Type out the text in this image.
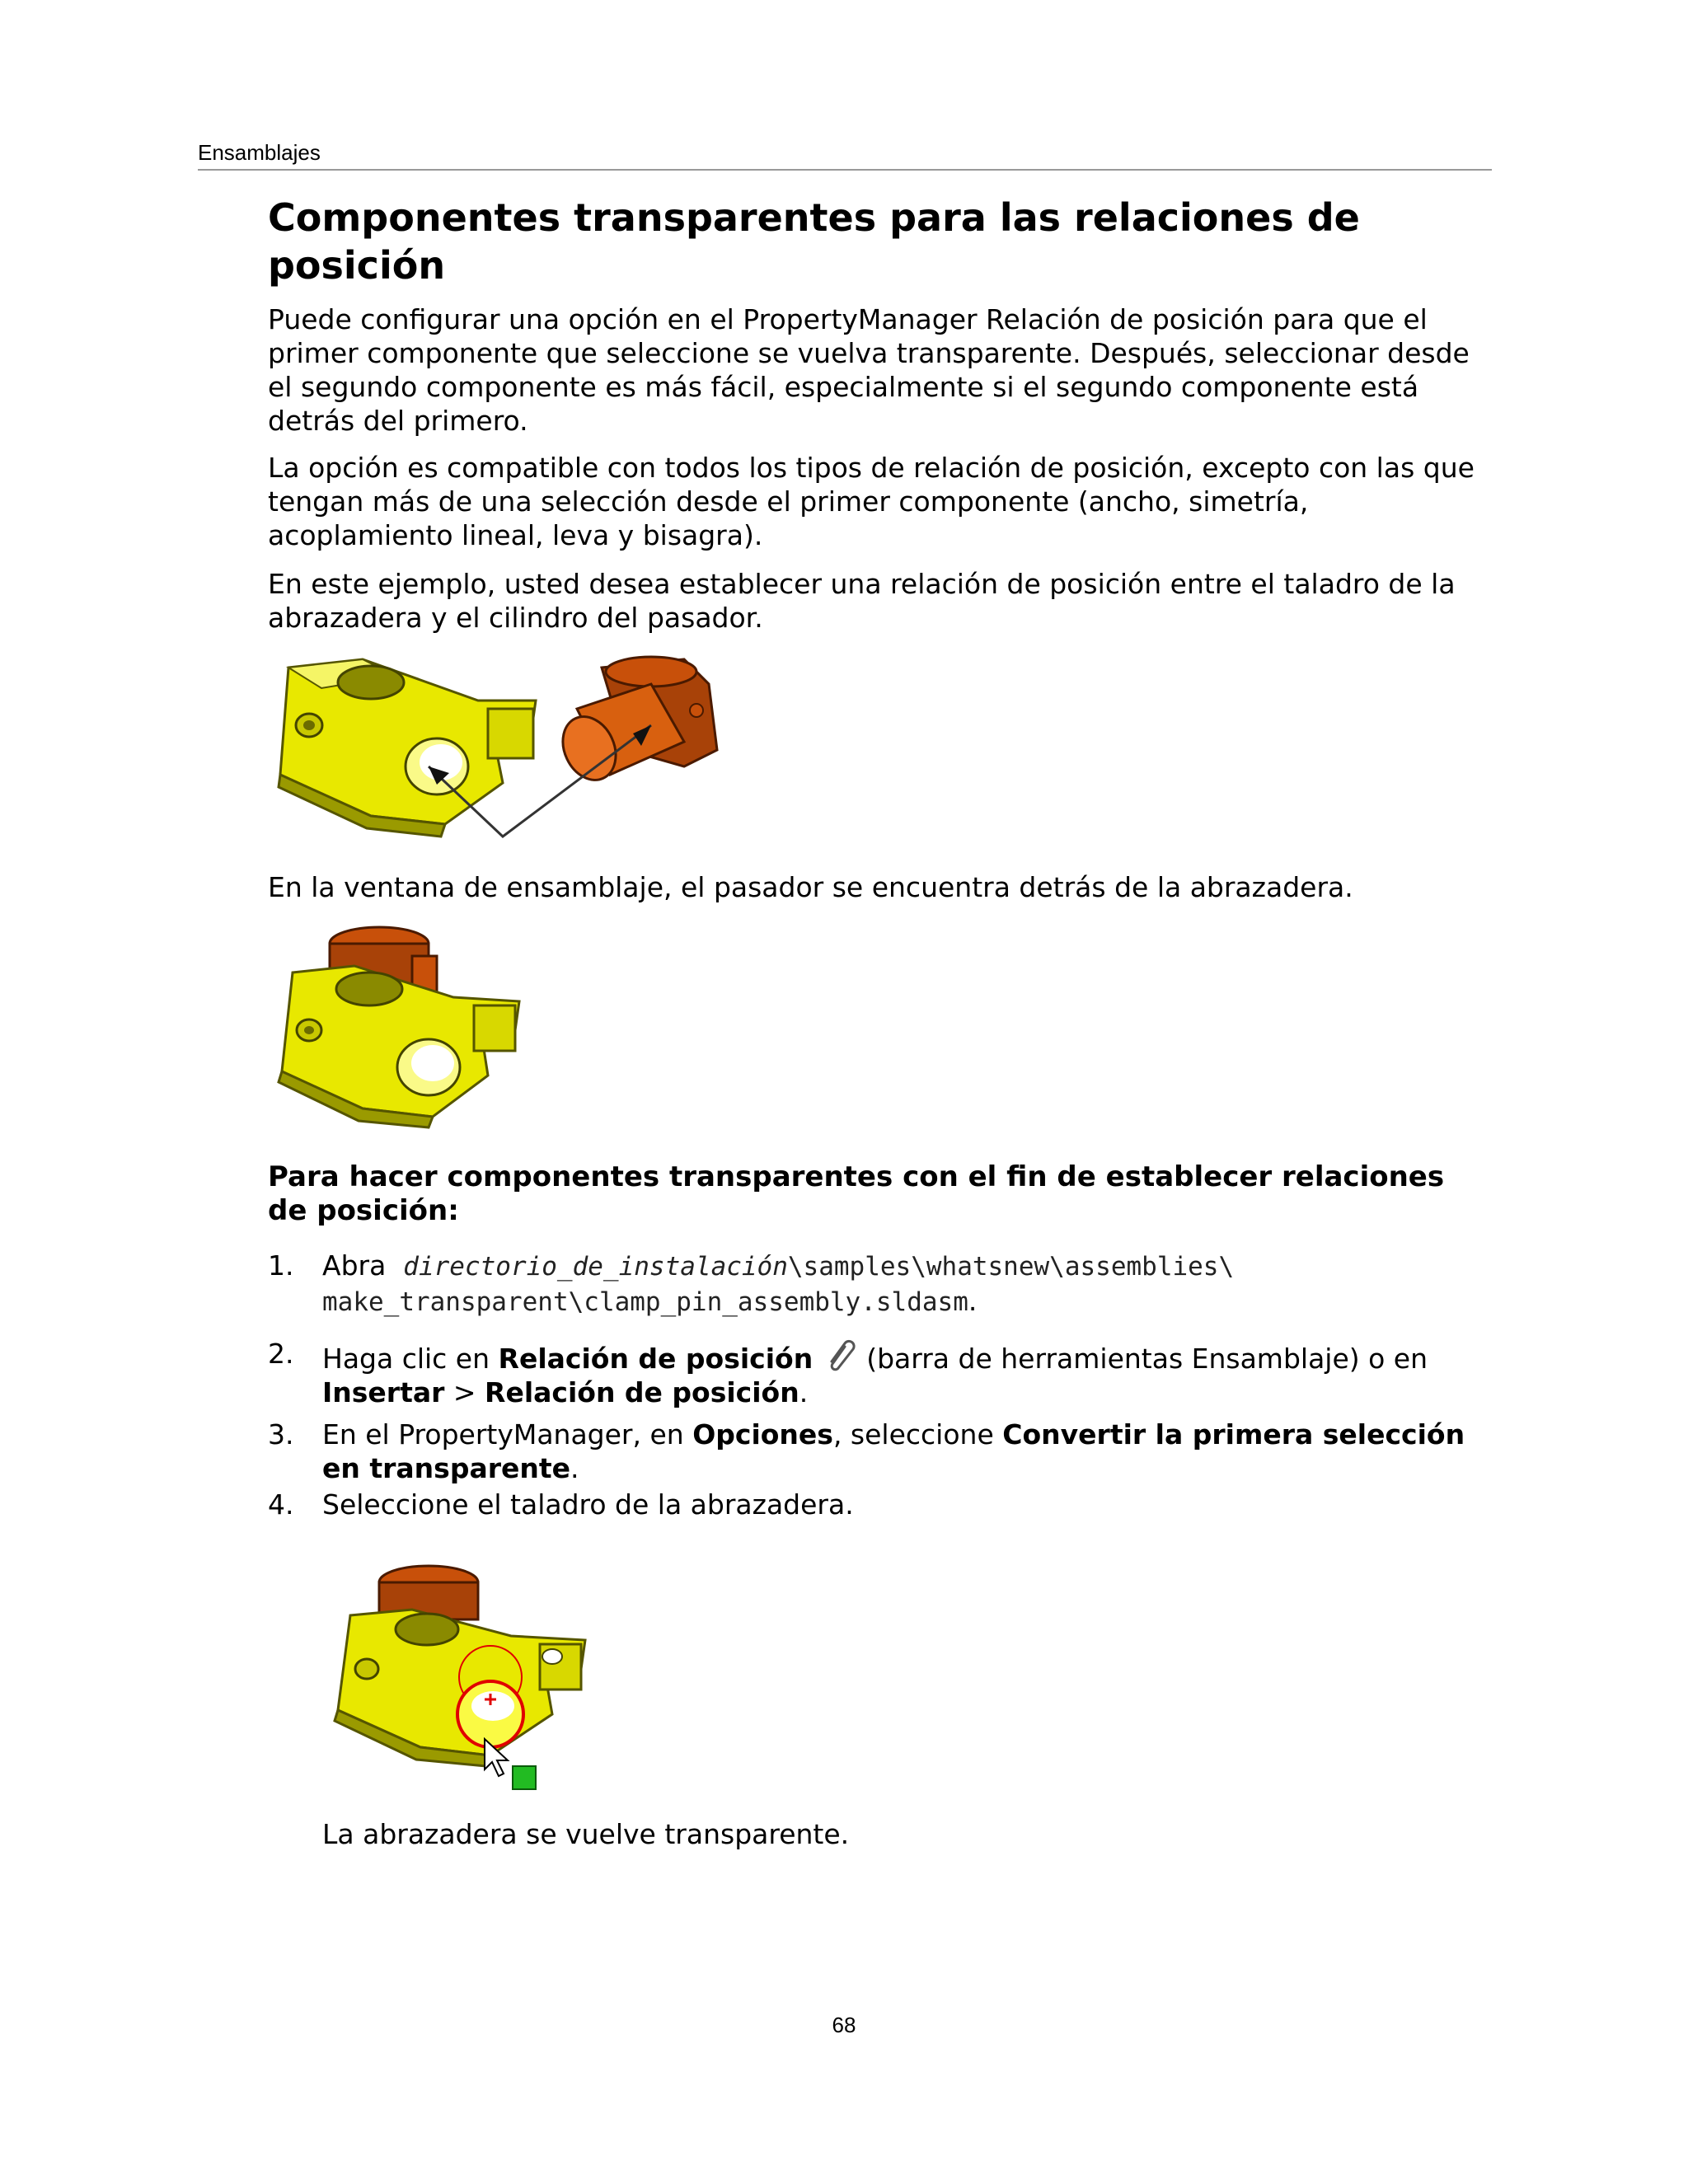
Ensamblajes
Componentes transparentes para las relaciones de posición

Puede configurar una opción en el PropertyManager Relación de posición para que el primer componente que seleccione se vuelva transparente. Después, seleccionar desde el segundo componente es más fácil, especialmente si el segundo componente está detrás del primero.

La opción es compatible con todos los tipos de relación de posición, excepto con las que tengan más de una selección desde el primer componente (ancho, simetría, acoplamiento lineal, leva y bisagra).

En este ejemplo, usted desea establecer una relación de posición entre el taladro de la abrazadera y el cilindro del pasador.

En la ventana de ensamblaje, el pasador se encuentra detrás de la abrazadera.

Para hacer componentes transparentes con el fin de establecer relaciones de posición:
1.	Abra directorio_de_instalación\samples\whatsnew\assemblies\
make_transparent\clamp_pin_assembly.sldasm.
2.	Haga clic en Relación de posición  (barra de herramientas Ensamblaje) o en Insertar > Relación de posición.
3.	En el PropertyManager, en Opciones, seleccione Convertir la primera selección en transparente.
4.	Seleccione el taladro de la abrazadera.
La abrazadera se vuelve transparente.
68
